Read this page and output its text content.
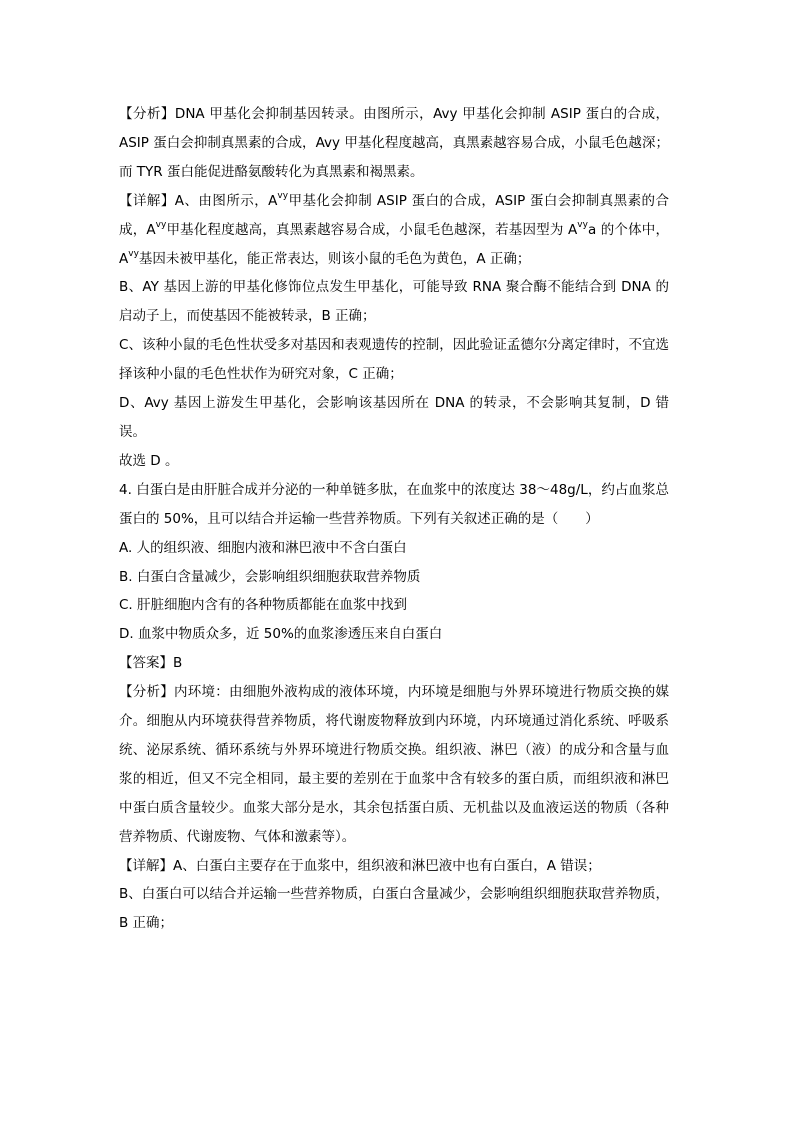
【分析】DNA 甲基化会抑制基因转录。由图所示，Avy 甲基化会抑制 ASIP 蛋白的合成，ASIP 蛋白会抑制真黑素的合成，Avy 甲基化程度越高，真黑素越容易合成，小鼠毛色越深；而 TYR 蛋白能促进酪氨酸转化为真黑素和褐黑素。

【详解】A、由图所示，$A^{vy}$甲基化会抑制 ASIP 蛋白的合成，ASIP 蛋白会抑制真黑素的合成，$A^{vy}$甲基化程度越高，真黑素越容易合成，小鼠毛色越深，若基因型为 $A^{vy}a$ 的个体中，$A^{vy}$基因未被甲基化，能正常表达，则该小鼠的毛色为黄色，A 正确；

B、AY 基因上游的甲基化修饰位点发生甲基化，可能导致 RNA 聚合酶不能结合到 DNA 的启动子上，而使基因不能被转录，B 正确；

C、该种小鼠的毛色性状受多对基因和表观遗传的控制，因此验证孟德尔分离定律时，不宜选择该种小鼠的毛色性状作为研究对象，C 正确；

D、Avy 基因上游发生甲基化，会影响该基因所在 DNA 的转录，不会影响其复制，D 错误。

故选 D 。

4. 白蛋白是由肝脏合成并分泌的一种单链多肽，在血浆中的浓度达 38～48g/L，约占血浆总蛋白的 50%，且可以结合并运输一些营养物质。下列有关叙述正确的是（　　）

A. 人的组织液、细胞内液和淋巴液中不含白蛋白

B. 白蛋白含量减少，会影响组织细胞获取营养物质

C. 肝脏细胞内含有的各种物质都能在血浆中找到

D. 血浆中物质众多，近 50%的血浆渗透压来自白蛋白

【答案】B

【分析】内环境：由细胞外液构成的液体环境，内环境是细胞与外界环境进行物质交换的媒介。细胞从内环境获得营养物质，将代谢废物释放到内环境，内环境通过消化系统、呼吸系统、泌尿系统、循环系统与外界环境进行物质交换。组织液、淋巴（液）的成分和含量与血浆的相近，但又不完全相同，最主要的差别在于血浆中含有较多的蛋白质，而组织液和淋巴中蛋白质含量较少。血浆大部分是水，其余包括蛋白质、无机盐以及血液运送的物质（各种营养物质、代谢废物、气体和激素等）。

【详解】A、白蛋白主要存在于血浆中，组织液和淋巴液中也有白蛋白，A 错误；

B、白蛋白可以结合并运输一些营养物质，白蛋白含量减少，会影响组织细胞获取营养物质，B 正确；
